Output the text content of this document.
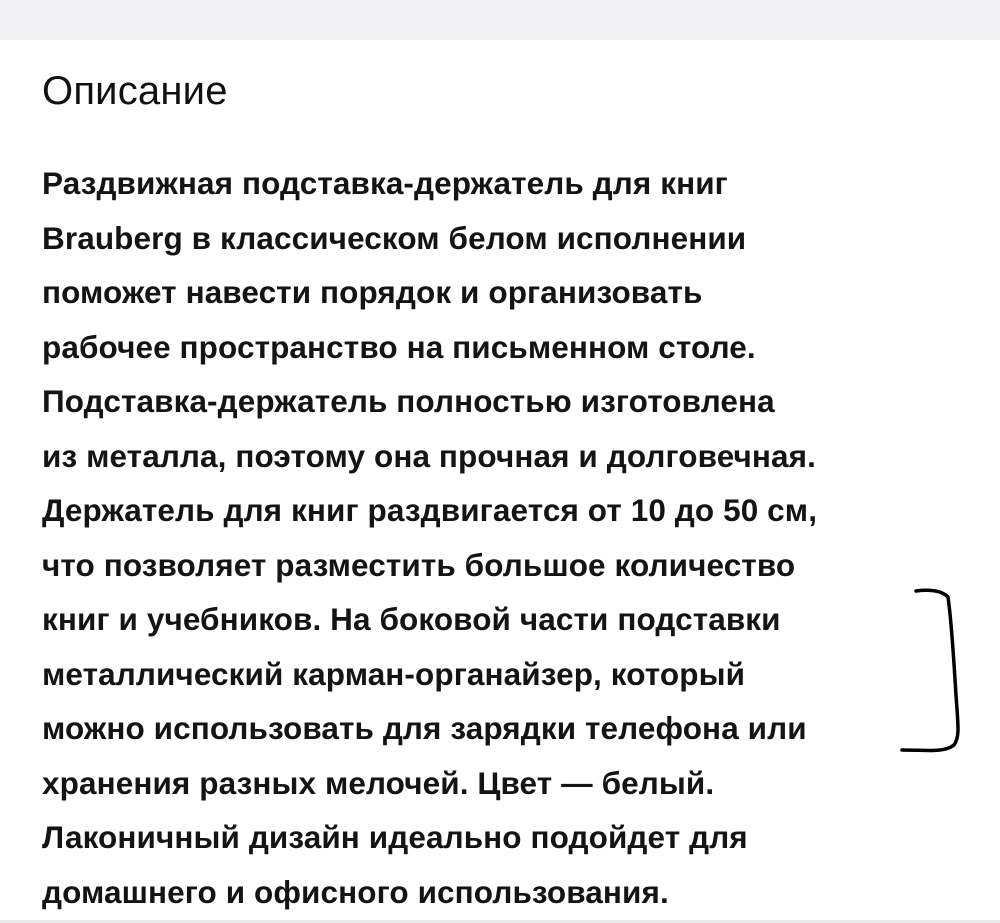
Описание
Раздвижная подставка-держатель для книг
Brauberg в классическом белом исполнении
поможет навести порядок и организовать
рабочее пространство на письменном столе.
Подставка-держатель полностью изготовлена
из металла, поэтому она прочная и долговечная.
Держатель для книг раздвигается от 10 до 50 см,
что позволяет разместить большое количество
книг и учебников. На боковой части подставки
металлический карман-органайзер, который
можно использовать для зарядки телефона или
хранения разных мелочей. Цвет — белый.
Лаконичный дизайн идеально подойдет для
домашнего и офисного использования.
